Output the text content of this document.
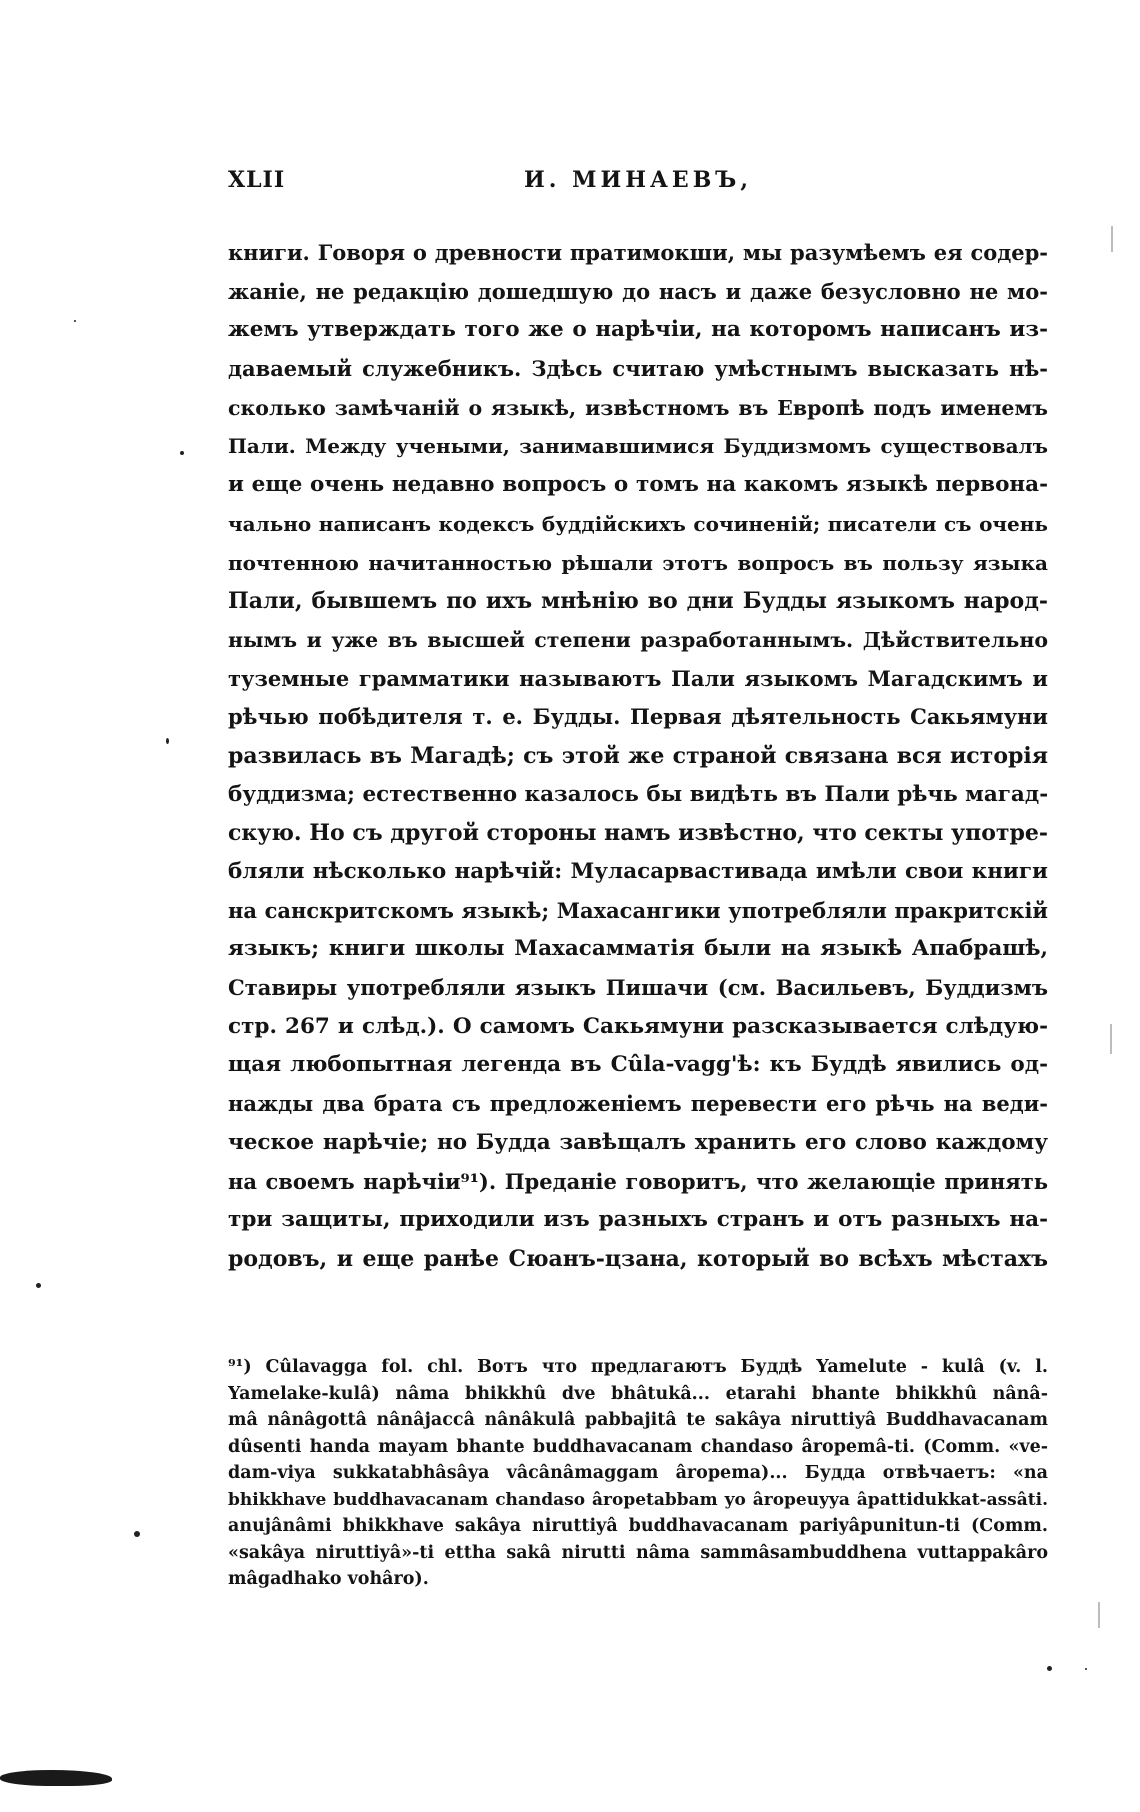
XLII	И. МИНАЕВЪ,
книги. Говоря о древности пратимокши, мы разумѣемъ ея содер-
жаніе, не редакцію дошедшую до насъ и даже безусловно не мо-
жемъ утверждать того же о нарѣчіи, на которомъ написанъ из-
даваемый служебникъ. Здѣсь считаю умѣстнымъ высказать нѣ-
сколько замѣчаній о языкѣ, извѣстномъ въ Европѣ подъ именемъ
Пали. Между учеными, занимавшимися Буддизмомъ существовалъ
и еще очень недавно вопросъ о томъ на какомъ языкѣ первона-
чально написанъ кодексъ буддійскихъ сочиненій; писатели съ очень
почтенною начитанностью рѣшали этотъ вопросъ въ пользу языка
Пали, бывшемъ по ихъ мнѣнію во дни Будды языкомъ народ-
нымъ и уже въ высшей степени разработаннымъ. Дѣйствительно
туземные грамматики называютъ Пали языкомъ Магадскимъ и
рѣчью побѣдителя т. е. Будды. Первая дѣятельность Сакьямуни
развилась въ Магадѣ; съ этой же страной связана вся исторія
буддизма; естественно казалось бы видѣть въ Пали рѣчь магад-
скую. Но съ другой стороны намъ извѣстно, что секты употре-
бляли нѣсколько нарѣчій: Муласарвастивада имѣли свои книги
на санскритскомъ языкѣ; Махасангики употребляли пракритскій
языкъ; книги школы Махасамматія были на языкѣ Апабрашѣ,
Ставиры употребляли языкъ Пишачи (см. Васильевъ, Буддизмъ
стр. 267 и слѣд.). О самомъ Сакьямуни разсказывается слѣдую-
щая любопытная легенда въ Cûla-vagg'ѣ: къ Буддѣ явились од-
нажды два брата съ предложеніемъ перевести его рѣчь на веди-
ческое нарѣчіе; но Будда завѣщалъ хранить его слово каждому
на своемъ нарѣчіи⁹¹). Преданіе говоритъ, что желающіе принять
три защиты, приходили изъ разныхъ странъ и отъ разныхъ на-
родовъ, и еще ранѣе Сюанъ-цзана, который во всѣхъ мѣстахъ
⁹¹) Cûlavagga fol. chl. Вотъ что предлагаютъ Буддѣ Yamelute - kulâ (v. l.
Yamelake-kulâ) nâma bhikkhû dve bhâtukâ... etarahi bhante bhikkhû nânâ-
mâ nânâgottâ nânâjaccâ nânâkulâ pabbajitâ te sakâya niruttiyâ Buddhavacanam
dûsenti handa mayam bhante buddhavacanam chandaso âropemâ-ti. (Comm. «ve-
dam-viya sukkatabhâsâya vâcânâmaggam âropema)... Будда отвѣчаетъ: «na
bhikkhave buddhavacanam chandaso âropetabbam yo âropeuyya âpattidukkat-assâti.
anujânâmi bhikkhave sakâya niruttiyâ buddhavacanam pariyâpunitun-ti (Comm.
«sakâya niruttiyâ»-ti ettha sakâ nirutti nâma sammâsambuddhena vuttappakâro
mâgadhako vohâro).
